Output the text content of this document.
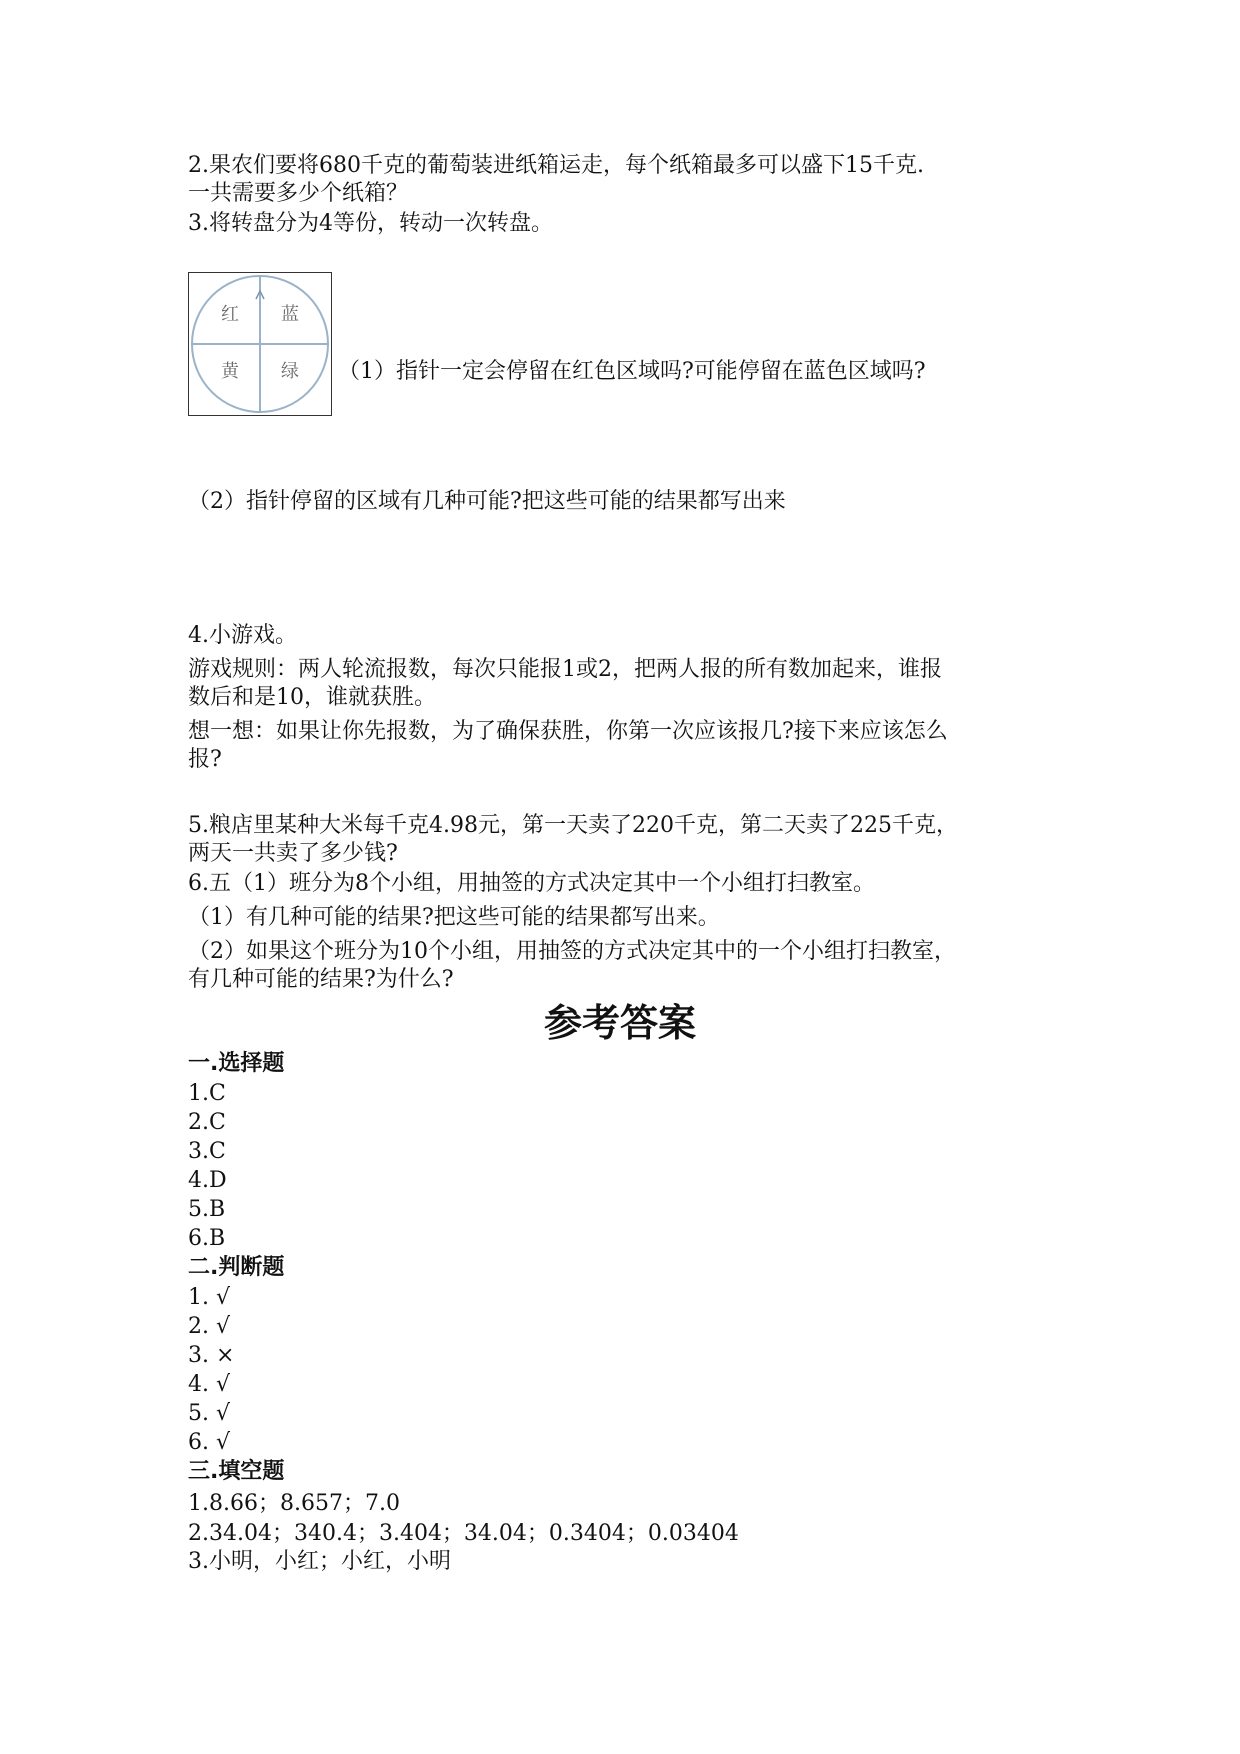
2.果农们要将680千克的葡萄装进纸箱运走，每个纸箱最多可以盛下15千克.
一共需要多少个纸箱？
3.将转盘分为4等份，转动一次转盘。
红 蓝
黄 绿 （1）指针一定会停留在红色区域吗?可能停留在蓝色区域吗?
（2）指针停留的区域有几种可能?把这些可能的结果都写出来
4.小游戏。
游戏规则：两人轮流报数，每次只能报1或2，把两人报的所有数加起来，谁报
数后和是10，谁就获胜。
想一想：如果让你先报数，为了确保获胜，你第一次应该报几?接下来应该怎么
报?
5.粮店里某种大米每千克4.98元，第一天卖了220千克，第二天卖了225千克，
两天一共卖了多少钱?
6.五（1）班分为8个小组，用抽签的方式决定其中一个小组打扫教室。
（1）有几种可能的结果?把这些可能的结果都写出来。
（2）如果这个班分为10个小组，用抽签的方式决定其中的一个小组打扫教室，
有几种可能的结果?为什么?
参考答案
一.选择题
1.C
2.C
3.C
4.D
5.B
6.B
二.判断题
1. √
2. √
3. ×
4. √
5. √
6. √
三.填空题
1.8.66；8.657；7.0
2.34.04；340.4；3.404；34.04；0.3404；0.03404
3.小明，小红；小红，小明
